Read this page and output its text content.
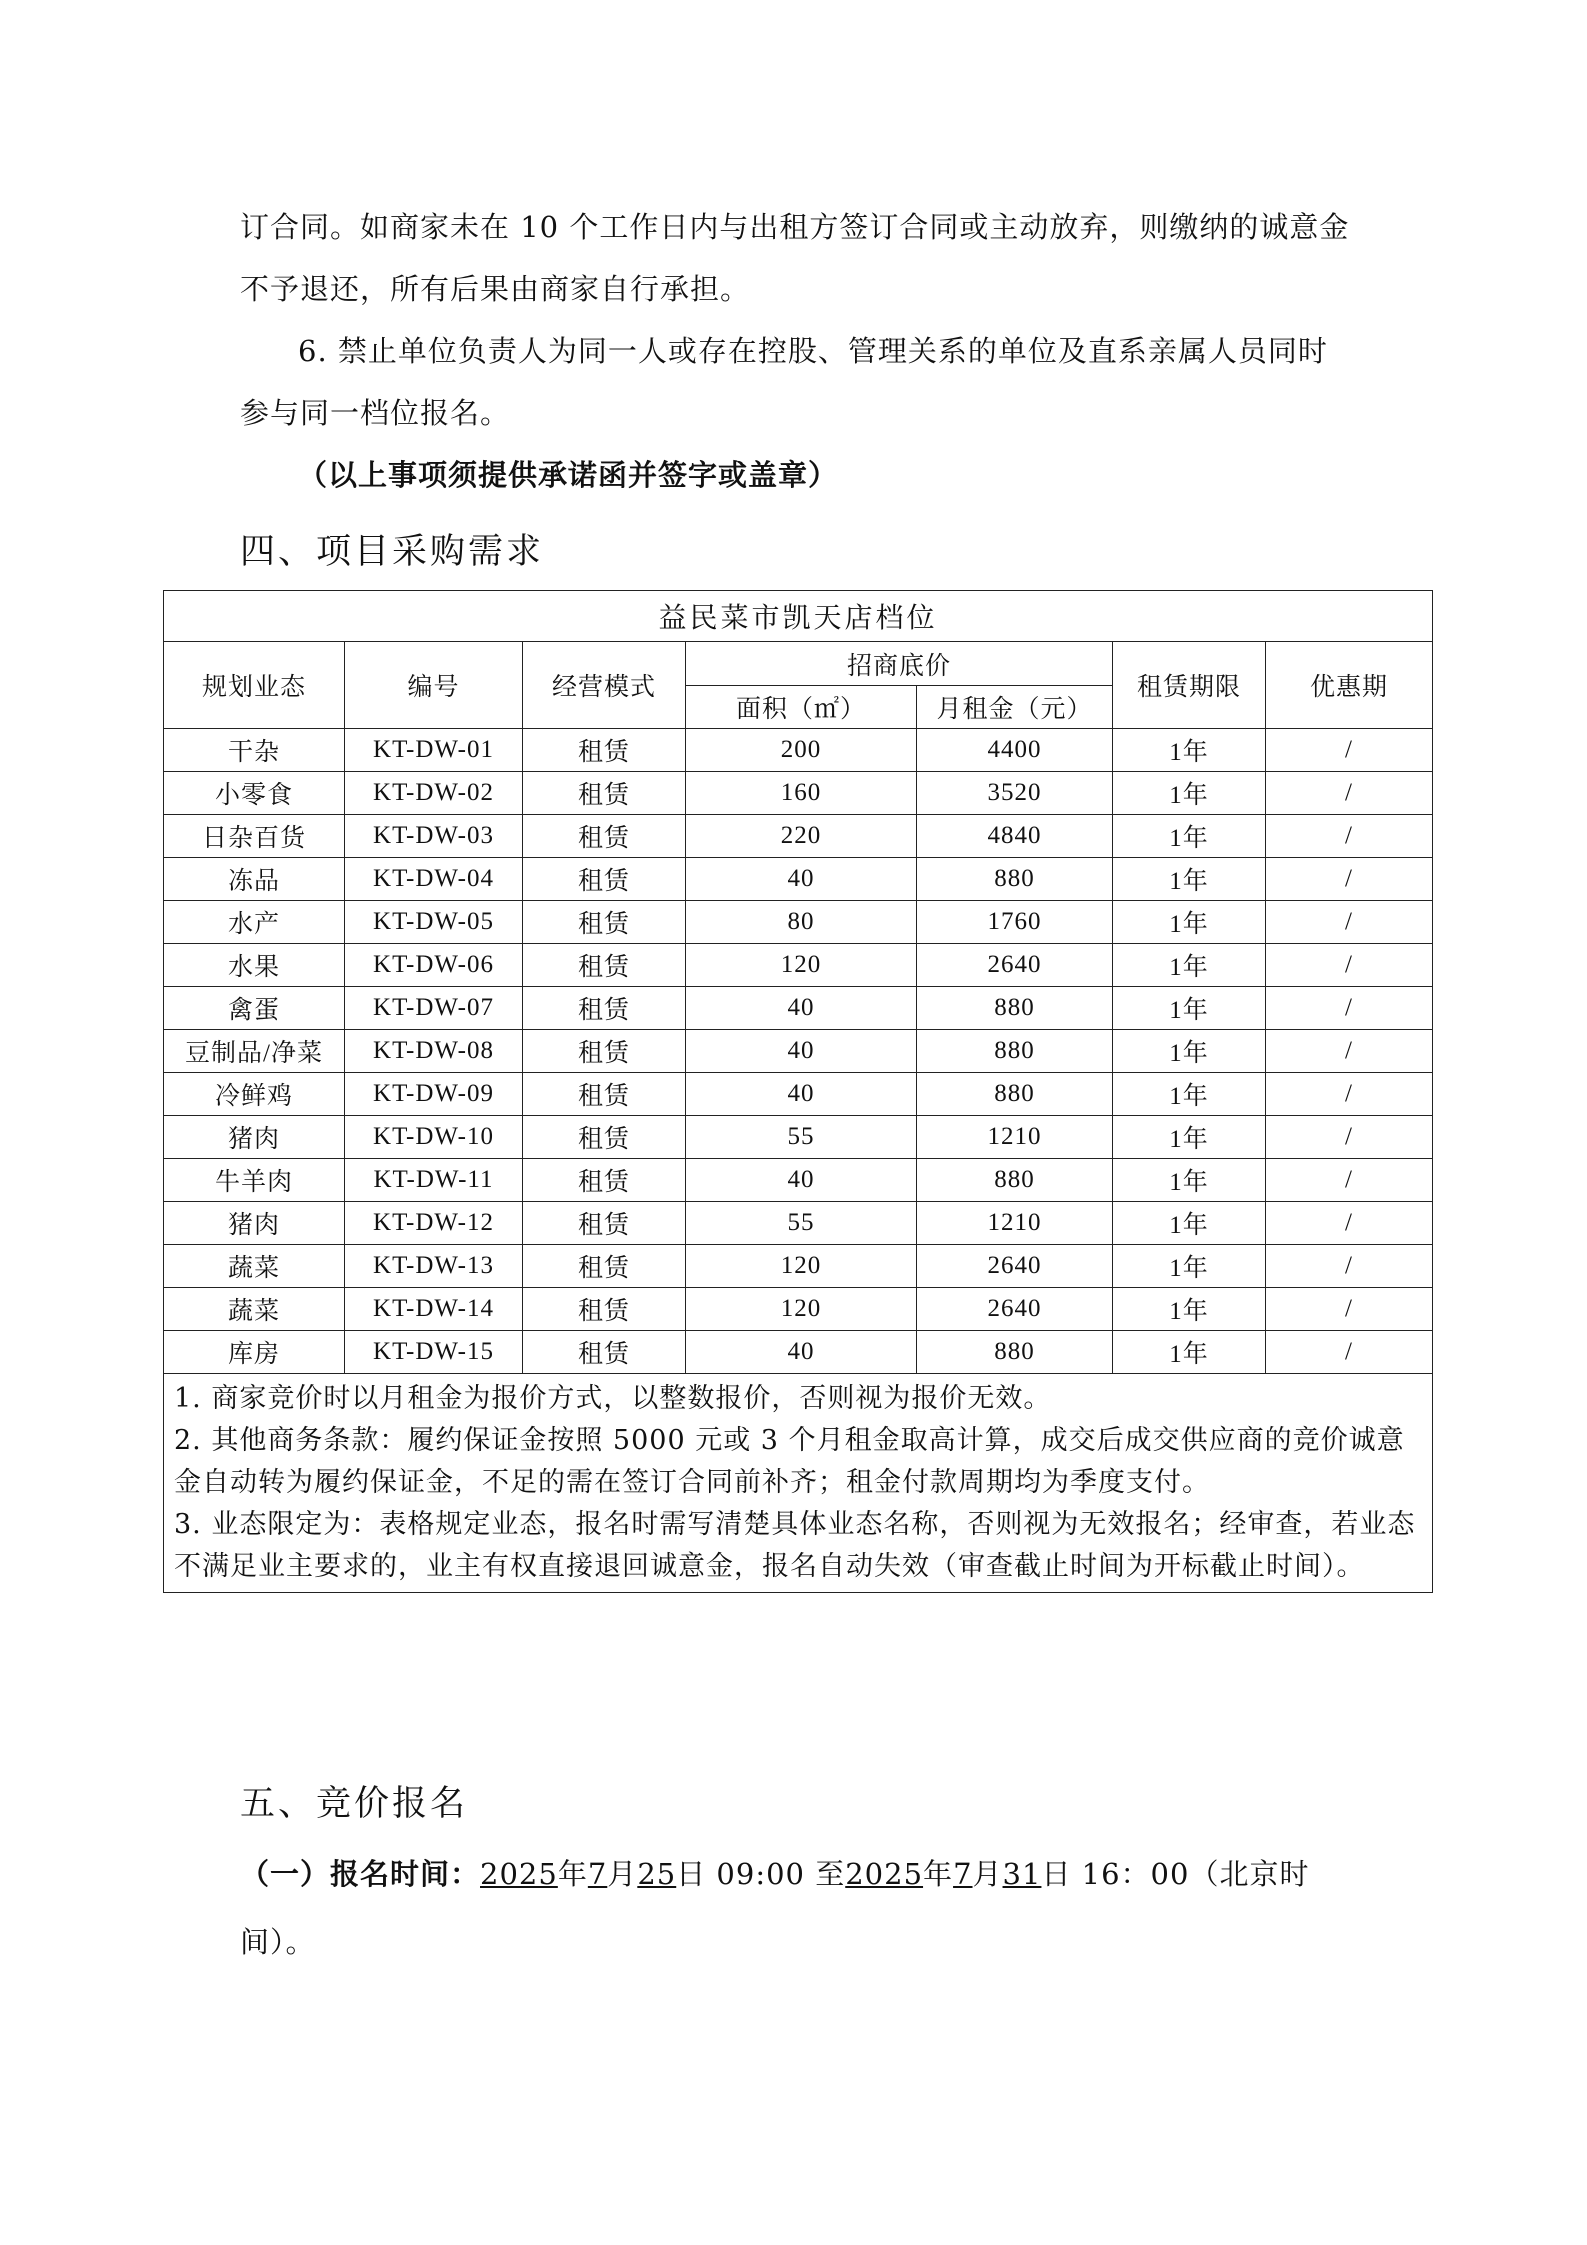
订合同。如商家未在 10 个工作日内与出租方签订合同或主动放弃，则缴纳的诚意金不予退还，所有后果由商家自行承担。
6. 禁止单位负责人为同一人或存在控股、管理关系的单位及直系亲属人员同时参与同一档位报名。
（以上事项须提供承诺函并签字或盖章）
四、项目采购需求
益民菜市凯天店档位						
规划业态	编号	经营模式	招商底价		租赁期限	优惠期
			面积（㎡）	月租金（元）		
干杂	KT-DW-01	租赁	200	4400	1年	/
小零食	KT-DW-02	租赁	160	3520	1年	/
日杂百货	KT-DW-03	租赁	220	4840	1年	/
冻品	KT-DW-04	租赁	40	880	1年	/
水产	KT-DW-05	租赁	80	1760	1年	/
水果	KT-DW-06	租赁	120	2640	1年	/
禽蛋	KT-DW-07	租赁	40	880	1年	/
豆制品/净菜	KT-DW-08	租赁	40	880	1年	/
冷鲜鸡	KT-DW-09	租赁	40	880	1年	/
猪肉	KT-DW-10	租赁	55	1210	1年	/
牛羊肉	KT-DW-11	租赁	40	880	1年	/
猪肉	KT-DW-12	租赁	55	1210	1年	/
蔬菜	KT-DW-13	租赁	120	2640	1年	/
蔬菜	KT-DW-14	租赁	120	2640	1年	/
库房	KT-DW-15	租赁	40	880	1年	/

1. 商家竞价时以月租金为报价方式，以整数报价，否则视为报价无效。
2. 其他商务条款：履约保证金按照 5000 元或 3 个月租金取高计算，成交后成交供应商的竞价诚意金自动转为履约保证金，不足的需在签订合同前补齐；租金付款周期均为季度支付。
3. 业态限定为：表格规定业态，报名时需写清楚具体业态名称，否则视为无效报名；经审查，若业态不满足业主要求的，业主有权直接退回诚意金，报名自动失效（审查截止时间为开标截止时间）。						
五、竞价报名
（一）报名时间：2025年7月25日 09:00 至2025年7月31日 16：00（北京时间）。
